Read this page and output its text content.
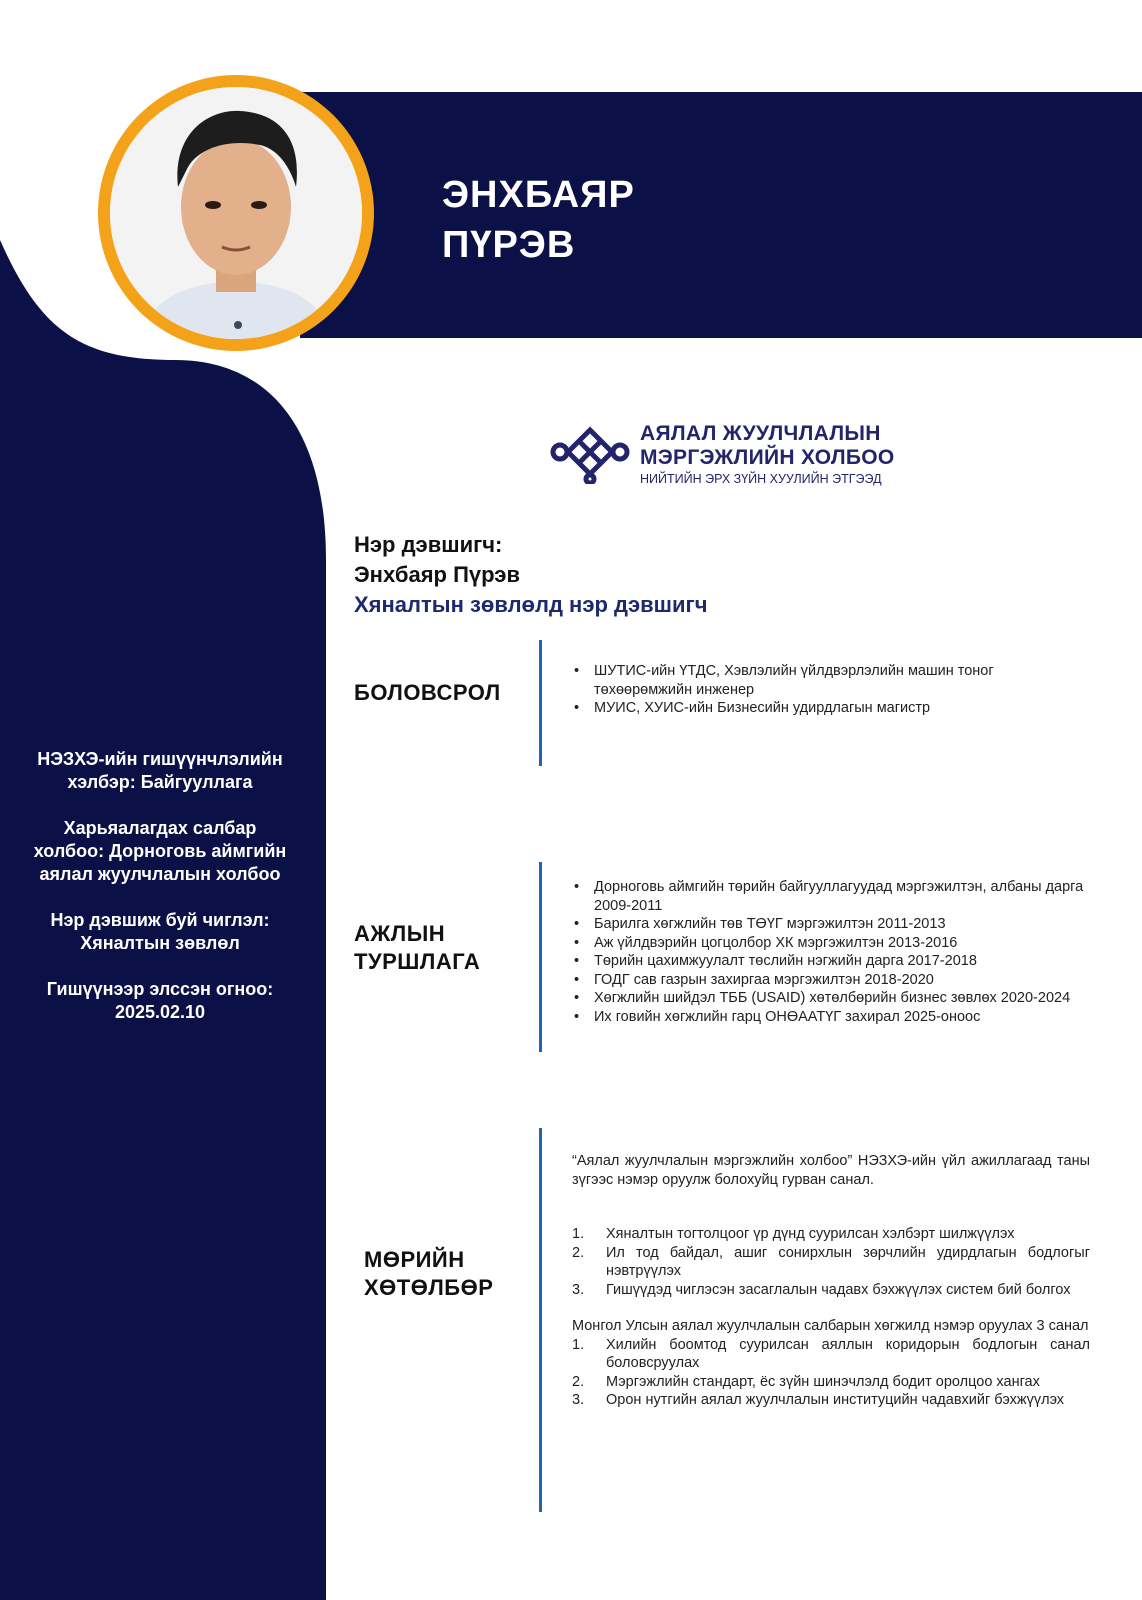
ЭНХБАЯР
ПҮРЭВ
АЯЛАЛ ЖУУЛЧЛАЛЫН
МЭРГЭЖЛИЙН ХОЛБОО
НИЙТИЙН ЭРХ ЗҮЙН ХУУЛИЙН ЭТГЭЭД

НЭЗХЭ-ийн гишүүнчлэлийн хэлбэр: Байгууллага

Харьяалагдах салбар холбоо: Дорноговь аймгийн аялал жуулчлалын холбоо

Нэр дэвшиж буй чиглэл: Хяналтын зөвлөл

Гишүүнээр элссэн огноо: 2025.02.10

Нэр дэвшигч:
Энхбаяр Пүрэв
Хяналтын зөвлөлд нэр дэвшигч
БОЛОВСРОЛ
• ШУТИС-ийн ҮТДС, Хэвлэлийн үйлдвэрлэлийн машин тоног төхөөрөмжийн инженер
• МУИС, ХУИС-ийн Бизнесийн удирдлагын магистр
АЖЛЫН
ТУРШЛАГА
• Дорноговь аймгийн төрийн байгууллагуудад мэргэжилтэн, албаны дарга 2009-2011
• Барилга хөгжлийн төв ТӨҮГ мэргэжилтэн 2011-2013
• Аж үйлдвэрийн цогцолбор ХК мэргэжилтэн 2013-2016
• Төрийн цахимжуулалт төслийн нэгжийн дарга 2017-2018
• ГОДГ сав газрын захиргаа мэргэжилтэн 2018-2020
• Хөгжлийн шийдэл ТББ (USAID) хөтөлбөрийн бизнес зөвлөх 2020-2024
• Их говийн хөгжлийн гарц ОНӨААТҮГ захирал 2025-оноос
МӨРИЙН
ХӨТӨЛБӨР

“Аялал жуулчлалын мэргэжлийн холбоо” НЭЗХЭ-ийн үйл ажиллагаад таны зүгээс нэмэр оруулж болохуйц гурван санал.

1. Хяналтын тогтолцоог үр дүнд суурилсан хэлбэрт шилжүүлэх
2. Ил тод байдал, ашиг сонирхлын зөрчлийн удирдлагын бодлогыг нэвтрүүлэх
3. Гишүүдэд чиглэсэн засаглалын чадавх бэхжүүлэх систем бий болгох

Монгол Улсын аялал жуулчлалын салбарын хөгжилд нэмэр оруулах 3 санал

1. Хилийн боомтод суурилсан аяллын коридорын бодлогын санал боловсруулах
2. Мэргэжлийн стандарт, ёс зүйн шинэчлэлд бодит оролцоо хангах
3. Орон нутгийн аялал жуулчлалын институцийн чадавхийг бэхжүүлэх
